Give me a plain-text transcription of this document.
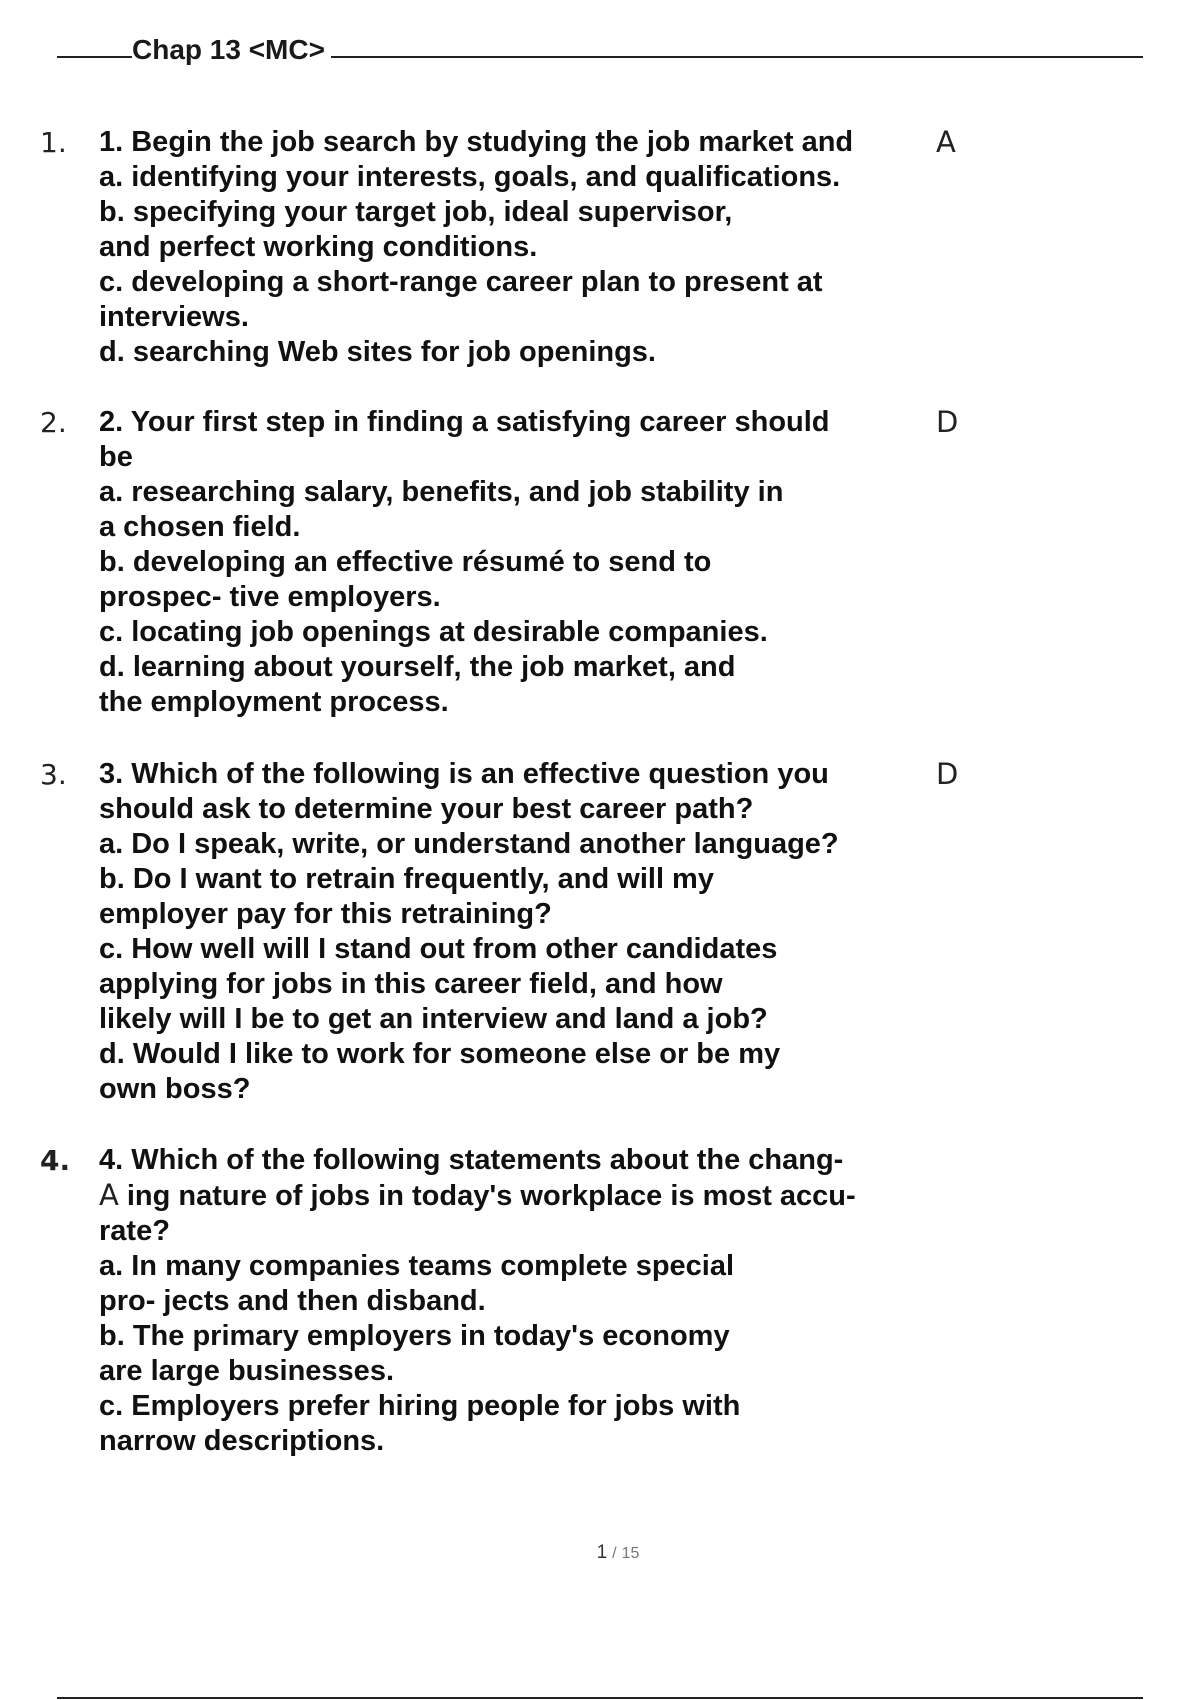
Chap 13 <MC>
1. 1. Begin the job search by studying the job market and	A
a. identifying your interests, goals, and qualifications.
b. specifying your target job, ideal supervisor,
and perfect working conditions.
c. developing a short-range career plan to present at
interviews.
d. searching Web sites for job openings.
2. 2. Your first step in finding a satisfying career should	D
be
a. researching salary, benefits, and job stability in
a chosen field.
b. developing an effective résumé to send to
prospec- tive employers.
c. locating job openings at desirable companies.
d. learning about yourself, the job market, and
the employment process.
3. 3. Which of the following is an effective question you	D
should ask to determine your best career path?
a. Do I speak, write, or understand another language?
b. Do I want to retrain frequently, and will my
employer pay for this retraining?
c. How well will I stand out from other candidates
applying for jobs in this career field, and how
likely will I be to get an interview and land a job?
d. Would I like to work for someone else or be my
own boss?
4. 4. Which of the following statements about the chang-
A ing nature of jobs in today's workplace is most accu-
rate?
a. In many companies teams complete special
pro- jects and then disband.
b. The primary employers in today's economy
are large businesses.
c. Employers prefer hiring people for jobs with
narrow descriptions.
1 / 15
